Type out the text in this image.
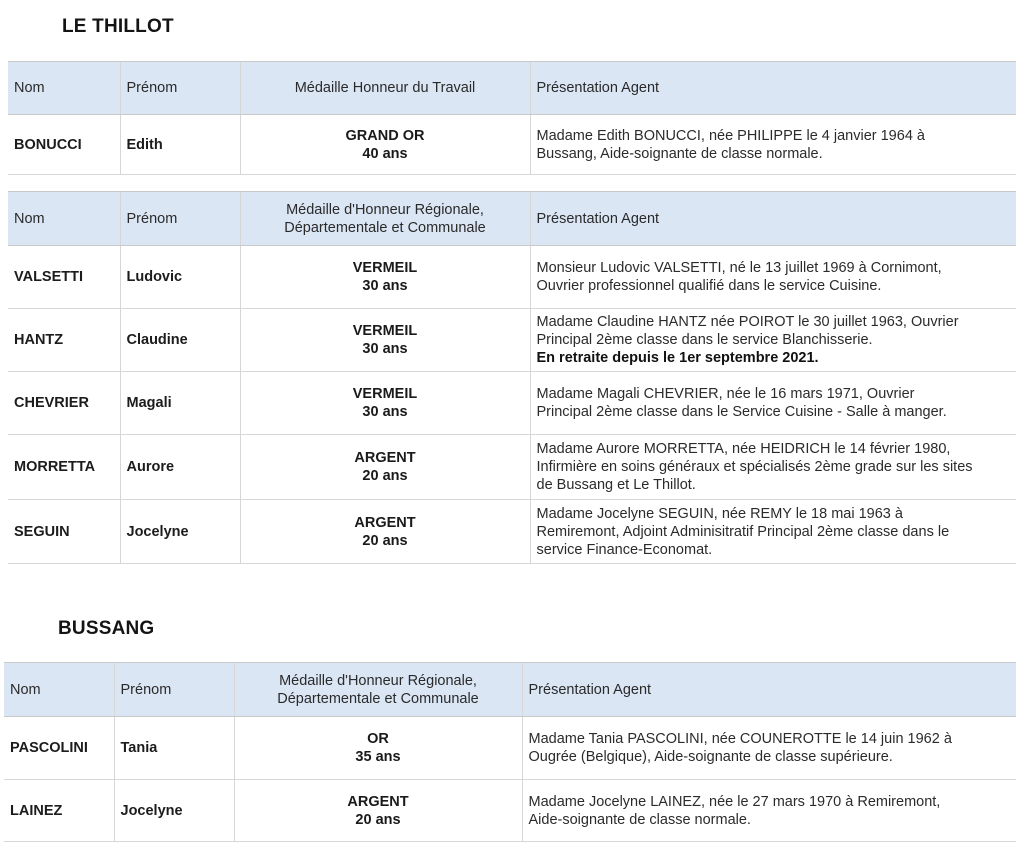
LE THILLOT
Nom	Prénom	Médaille Honneur du Travail	Présentation Agent
BONUCCI	Edith	GRAND OR
40 ans	Madame Edith BONUCCI, née PHILIPPE le 4 janvier 1964 à
Bussang, Aide-soignante de classe normale.
Nom	Prénom	Médaille d'Honneur Régionale,
Départementale et Communale	Présentation Agent
VALSETTI	Ludovic	VERMEIL
30 ans	Monsieur Ludovic VALSETTI, né le 13 juillet 1969 à Cornimont,
Ouvrier professionnel qualifié dans le service Cuisine.

HANTZ	Claudine	VERMEIL
30 ans	Madame Claudine HANTZ née POIROT le 30 juillet 1963, Ouvrier
Principal 2ème classe dans le service Blanchisserie.
En retraite depuis le 1er septembre 2021.

CHEVRIER	Magali	VERMEIL
30 ans	Madame Magali CHEVRIER, née le 16 mars 1971, Ouvrier
Principal 2ème classe dans le Service Cuisine - Salle à manger.

MORRETTA	Aurore	ARGENT
20 ans	Madame Aurore MORRETTA, née HEIDRICH le 14 février 1980,
Infirmière en soins généraux et spécialisés 2ème grade sur les sites
de Bussang et Le Thillot.

SEGUIN	Jocelyne	ARGENT
20 ans	Madame Jocelyne SEGUIN, née REMY le 18 mai 1963 à
Remiremont, Adjoint Adminisitratif Principal 2ème classe dans le
service Finance-Economat.
BUSSANG
Nom	Prénom	Médaille d'Honneur Régionale,
Départementale et Communale	Présentation Agent
PASCOLINI	Tania	OR
35 ans	Madame Tania PASCOLINI, née COUNEROTTE le 14 juin 1962 à
Ougrée (Belgique), Aide-soignante de classe supérieure.

LAINEZ	Jocelyne	ARGENT
20 ans	Madame Jocelyne LAINEZ, née le 27 mars 1970 à Remiremont,
Aide-soignante de classe normale.
